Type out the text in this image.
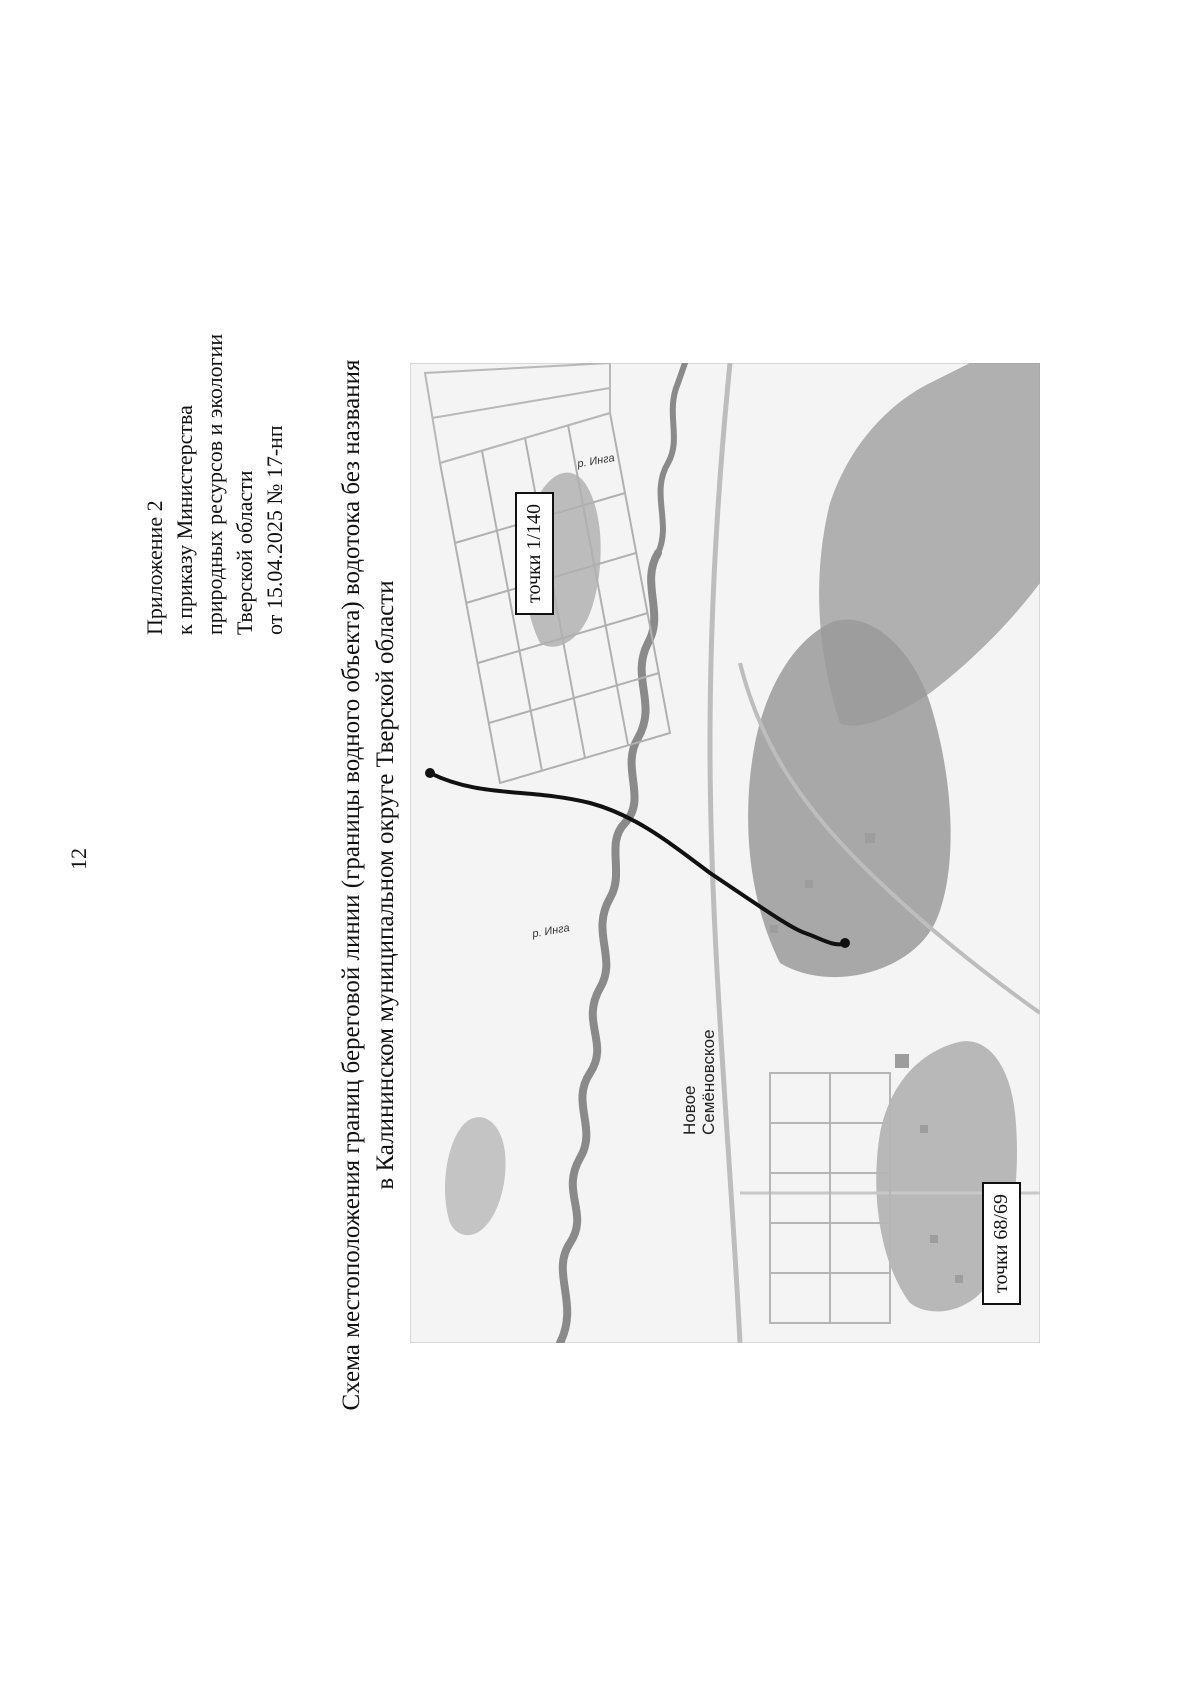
12
Приложение 2 к приказу Министерства природных ресурсов и экологии Тверской области от 15.04.2025 № 17-нп Схема местоположения границ береговой линии (границы водного объекта) водотока без названия в Калининском муниципальном округе Тверской области
точки 1/140
точки 68/69
Новое Семёновское
р. Инга
р. Инга
